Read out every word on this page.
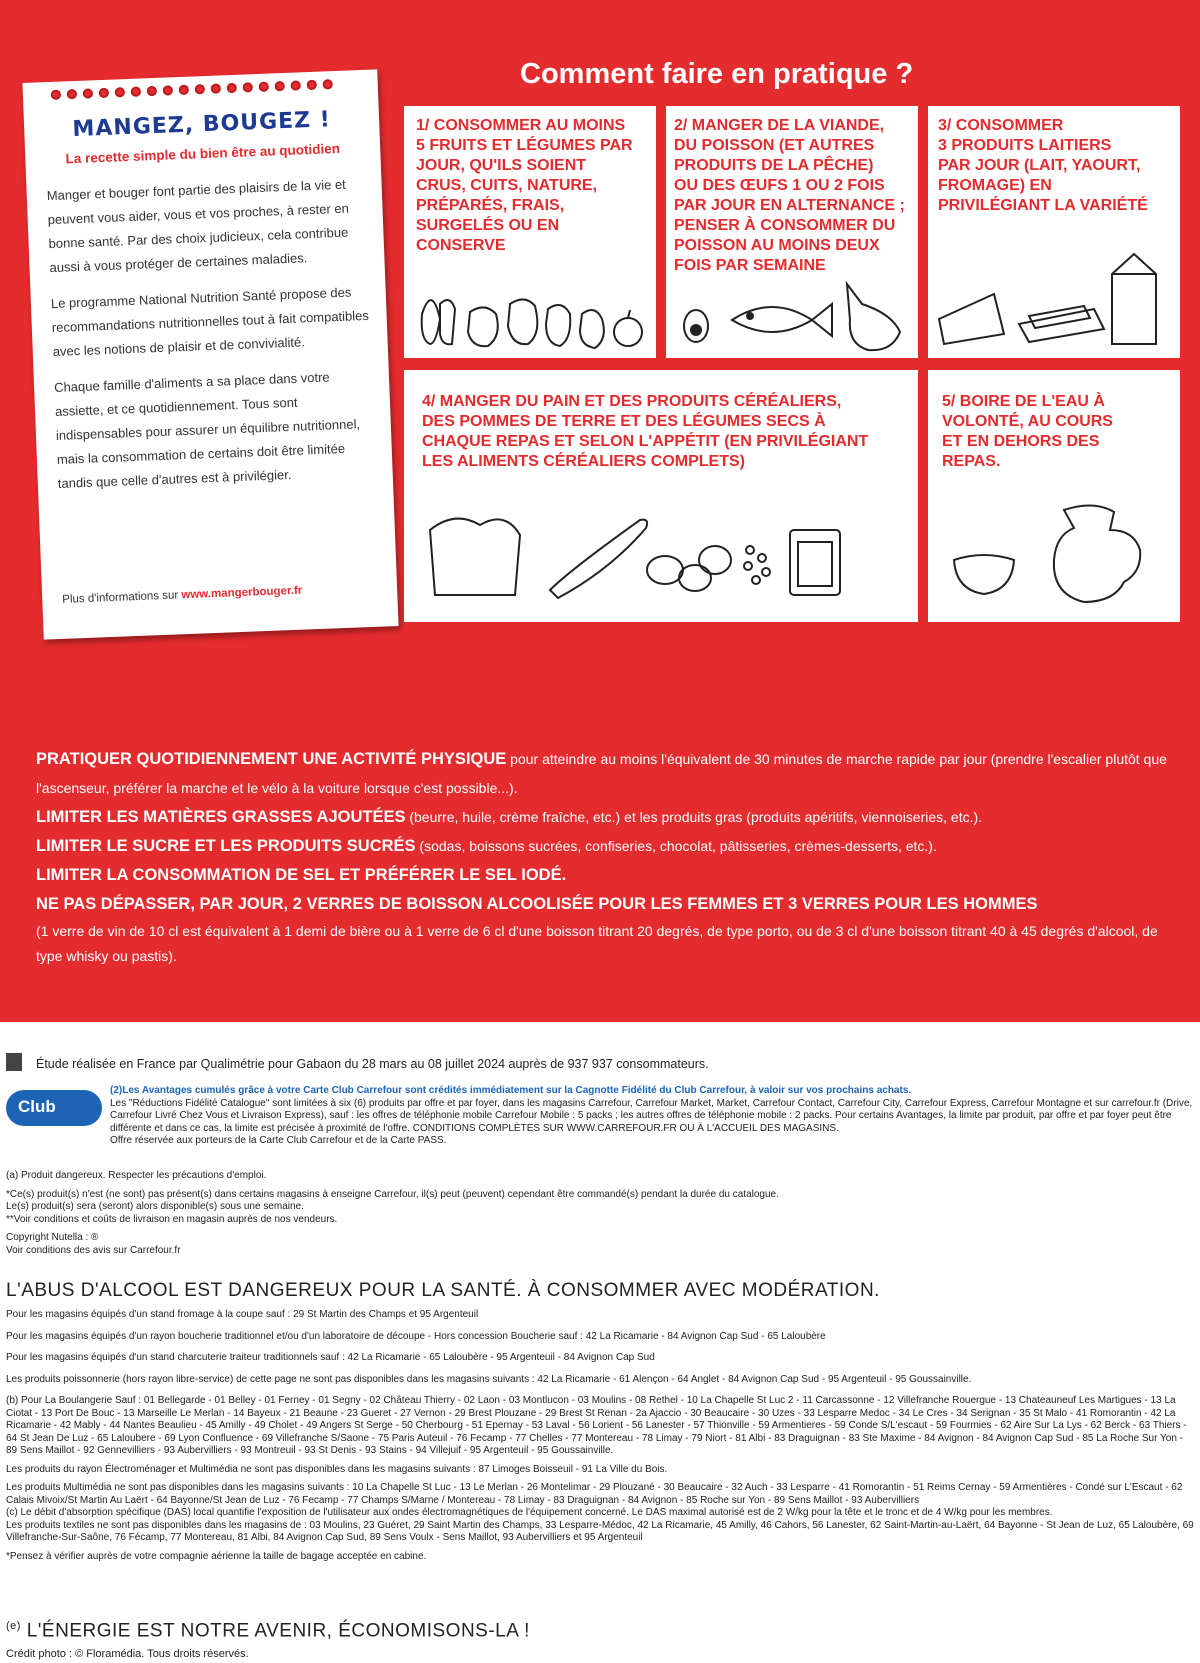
MANGEZ, BOUGEZ !
La recette simple du bien être au quotidien

Manger et bouger font partie des plaisirs de la vie et peuvent vous aider, vous et vos proches, à rester en bonne santé. Par des choix judicieux, cela contribue aussi à vous protéger de certaines maladies.

Le programme National Nutrition Santé propose des recommandations nutritionnelles tout à fait compatibles avec les notions de plaisir et de convivialité.

Chaque famille d'aliments a sa place dans votre assiette, et ce quotidiennement. Tous sont indispensables pour assurer un équilibre nutritionnel, mais la consommation de certains doit être limitée tandis que celle d'autres est à privilégier.

Plus d'informations sur www.mangerbouger.fr
Comment faire en pratique ?
1/ CONSOMMER AU MOINS
5 FRUITS ET LÉGUMES PAR
JOUR, QU'ILS SOIENT
CRUS, CUITS, NATURE,
PRÉPARÉS, FRAIS,
SURGELÉS OU EN
CONSERVE
2/ MANGER DE LA VIANDE,
DU POISSON (ET AUTRES
PRODUITS DE LA PÊCHE)
OU DES ŒUFS 1 OU 2 FOIS
PAR JOUR EN ALTERNANCE ;
PENSER À CONSOMMER DU
POISSON AU MOINS DEUX
FOIS PAR SEMAINE
3/ CONSOMMER
3 PRODUITS LAITIERS
PAR JOUR (LAIT, YAOURT,
FROMAGE) EN
PRIVILÉGIANT LA VARIÉTÉ
4/ MANGER DU PAIN ET DES PRODUITS CÉRÉALIERS,
DES POMMES DE TERRE ET DES LÉGUMES SECS À
CHAQUE REPAS ET SELON L'APPÉTIT (EN PRIVILÉGIANT
LES ALIMENTS CÉRÉALIERS COMPLETS)
5/ BOIRE DE L'EAU À
VOLONTÉ, AU COURS
ET EN DEHORS DES
REPAS.
PRATIQUER QUOTIDIENNEMENT UNE ACTIVITÉ PHYSIQUE pour atteindre au moins l'équivalent de 30 minutes de marche rapide par jour (prendre l'escalier plutôt que l'ascenseur, préférer la marche et le vélo à la voiture lorsque c'est possible...).
LIMITER LES MATIÈRES GRASSES AJOUTÉES (beurre, huile, crème fraîche, etc.) et les produits gras (produits apéritifs, viennoiseries, etc.).
LIMITER LE SUCRE ET LES PRODUITS SUCRÉS (sodas, boissons sucrées, confiseries, chocolat, pâtisseries, crèmes-desserts, etc.).
LIMITER LA CONSOMMATION DE SEL ET PRÉFÉRER LE SEL IODÉ.
NE PAS DÉPASSER, PAR JOUR, 2 VERRES DE BOISSON ALCOOLISÉE POUR LES FEMMES ET 3 VERRES POUR LES HOMMES
(1 verre de vin de 10 cl est équivalent à 1 demi de bière ou à 1 verre de 6 cl d'une boisson titrant 20 degrés, de type porto, ou de 3 cl d'une boisson titrant 40 à 45 degrés d'alcool, de type whisky ou pastis).
Étude réalisée en France par Qualimétrie pour Gabaon du 28 mars au 08 juillet 2024 auprès de 937 937 consommateurs.
Club
(2)Les Avantages cumulés grâce à votre Carte Club Carrefour sont crédités immédiatement sur la Cagnotte Fidélité du Club Carrefour, à valoir sur vos prochains achats.
Les "Réductions Fidélité Catalogue" sont limitées à six (6) produits par offre et par foyer, dans les magasins Carrefour, Carrefour Market, Market, Carrefour Contact, Carrefour City, Carrefour Express, Carrefour Montagne et sur carrefour.fr (Drive, Carrefour Livré Chez Vous et Livraison Express), sauf : les offres de téléphonie mobile Carrefour Mobile : 5 packs ; les autres offres de téléphonie mobile : 2 packs. Pour certains Avantages, la limite par produit, par offre et par foyer peut être différente et dans ce cas, la limite est précisée à proximité de l'offre. CONDITIONS COMPLÈTES SUR WWW.CARREFOUR.FR OU À L'ACCUEIL DES MAGASINS.
Offre réservée aux porteurs de la Carte Club Carrefour et de la Carte PASS.
(a) Produit dangereux. Respecter les précautions d'emploi.
*Ce(s) produit(s) n'est (ne sont) pas présent(s) dans certains magasins à enseigne Carrefour, il(s) peut (peuvent) cependant être commandé(s) pendant la durée du catalogue.
Le(s) produit(s) sera (seront) alors disponible(s) sous une semaine.
**Voir conditions et coûts de livraison en magasin auprès de nos vendeurs.
Copyright Nutella : ®
Voir conditions des avis sur Carrefour.fr
L'ABUS D'ALCOOL EST DANGEREUX POUR LA SANTÉ. À CONSOMMER AVEC MODÉRATION.
Pour les magasins équipés d'un stand fromage à la coupe sauf : 29 St Martin des Champs et 95 Argenteuil
Pour les magasins équipés d'un rayon boucherie traditionnel et/ou d'un laboratoire de découpe - Hors concession Boucherie sauf : 42 La Ricamarie - 84 Avignon Cap Sud - 65 Laloubère
Pour les magasins équipés d'un stand charcuterie traiteur traditionnels sauf : 42 La Ricamarie - 65 Laloubère - 95 Argenteuil - 84 Avignon Cap Sud
Les produits poissonnerie (hors rayon libre-service) de cette page ne sont pas disponibles dans les magasins suivants : 42 La Ricamarie - 61 Alençon - 64 Anglet - 84 Avignon Cap Sud - 95 Argenteuil - 95 Goussainville.
(b) Pour La Boulangerie Sauf : 01 Bellegarde - 01 Belley - 01 Ferney - 01 Segny - 02 Château Thierry - 02 Laon - 03 Montlucon - 03 Moulins - 08 Rethel - 10 La Chapelle St Luc 2 - 11 Carcassonne - 12 Villefranche Rouergue - 13 Chateauneuf Les Martigues - 13 La Ciotat - 13 Port De Bouc - 13 Marseille Le Merlan - 14 Bayeux - 21 Beaune - 23 Gueret - 27 Vernon - 29 Brest Plouzane - 29 Brest St Renan - 2a Ajaccio - 30 Beaucaire - 30 Uzes - 33 Lesparre Medoc - 34 Le Cres - 34 Serignan - 35 St Malo - 41 Romorantin - 42 La Ricamarie - 42 Mably - 44 Nantes Beaulieu - 45 Amilly - 49 Cholet - 49 Angers St Serge - 50 Cherbourg - 51 Epernay - 53 Laval - 56 Lorient - 56 Lanester - 57 Thionville - 59 Armentieres - 59 Conde S/L'escaut - 59 Fourmies - 62 Aire Sur La Lys - 62 Berck - 63 Thiers - 64 St Jean De Luz - 65 Laloubere - 69 Lyon Confluence - 69 Villefranche S/Saone - 75 Paris Auteuil - 76 Fecamp - 77 Chelles - 77 Montereau - 78 Limay - 79 Niort - 81 Albi - 83 Draguignan - 83 Ste Maxime - 84 Avignon - 84 Avignon Cap Sud - 85 La Roche Sur Yon - 89 Sens Maillot - 92 Gennevilliers - 93 Aubervilliers - 93 Montreuil - 93 St Denis - 93 Stains - 94 Villejuif - 95 Argenteuil - 95 Goussainville.
Les produits du rayon Électroménager et Multimédia ne sont pas disponibles dans les magasins suivants : 87 Limoges Boisseuil - 91 La Ville du Bois.
Les produits Multimédia ne sont pas disponibles dans les magasins suivants : 10 La Chapelle St Luc - 13 Le Merlan - 26 Montelimar - 29 Plouzané - 30 Beaucaire - 32 Auch - 33 Lesparre - 41 Romorantin - 51 Reims Cernay - 59 Armentières - Condé sur L'Escaut - 62 Calais Mivoix/St Martin Au Laërt - 64 Bayonne/St Jean de Luz - 76 Fecamp - 77 Champs S/Marne / Montereau - 78 Limay - 83 Draguignan - 84 Avignon - 85 Roche sur Yon - 89 Sens Maillot - 93 Aubervilliers
(c) Le débit d'absorption spécifique (DAS) local quantifie l'exposition de l'utilisateur aux ondes électromagnétiques de l'équipement concerné. Le DAS maximal autorisé est de 2 W/kg pour la tête et le tronc et de 4 W/kg pour les membres.
Les produits textiles ne sont pas disponibles dans les magasins de : 03 Moulins, 23 Guéret, 29 Saint Martin des Champs, 33 Lesparre-Médoc, 42 La Ricamarie, 45 Amilly, 46 Cahors, 56 Lanester, 62 Saint-Martin-au-Laërt, 64 Bayonne - St Jean de Luz, 65 Laloubère, 69 Villefranche-Sur-Saône, 76 Fécamp, 77 Montereau, 81 Albi, 84 Avignon Cap Sud, 89 Sens Voulx - Sens Maillot, 93 Aubervilliers et 95 Argenteuil
*Pensez à vérifier auprès de votre compagnie aérienne la taille de bagage acceptée en cabine.
$^{(e)}$ L'ÉNERGIE EST NOTRE AVENIR, ÉCONOMISONS-LA !
Crédit photo : © Floramédia. Tous droits réservés.
